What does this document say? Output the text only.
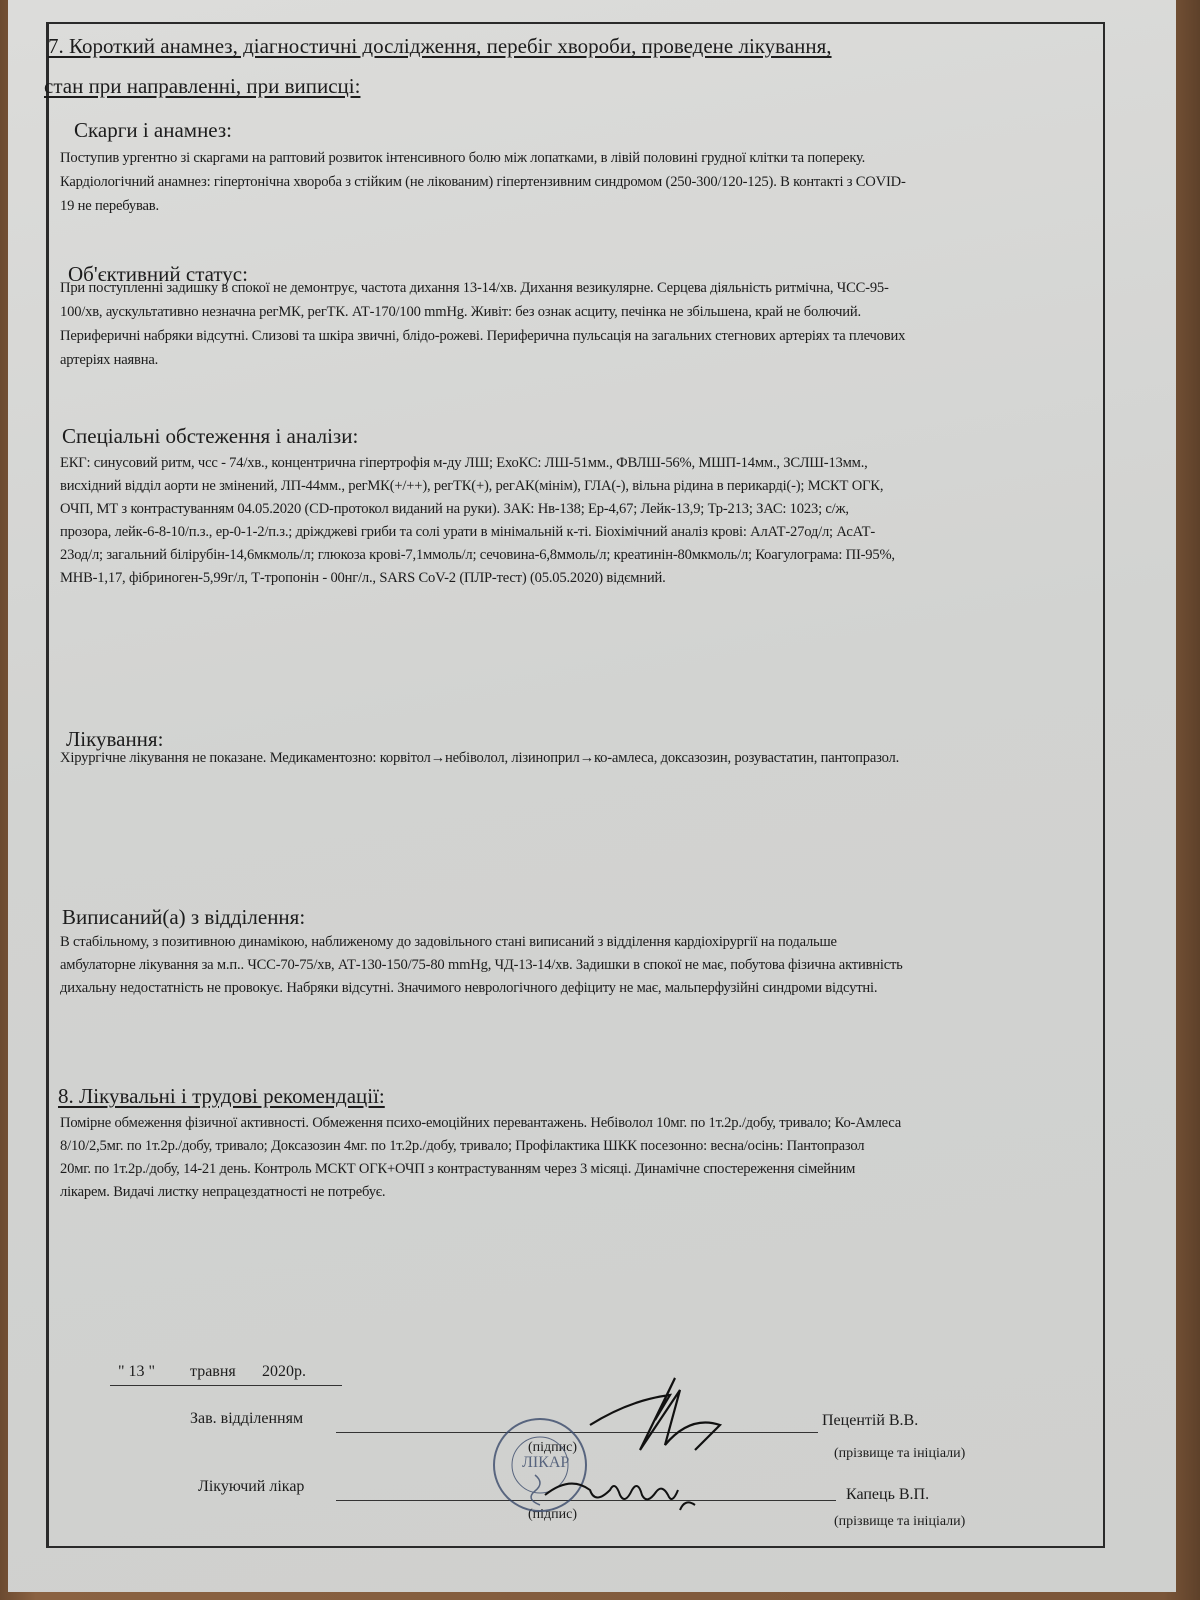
7. Короткий анамнез, діагностичні дослідження, перебіг хвороби, проведене лікування,
стан при направленні, при виписці:
Скарги і анамнез:
Поступив ургентно зі скаргами на раптовий розвиток інтенсивного болю між лопатками, в лівій половині грудної клітки та попереку.
Кардіологічний анамнез: гіпертонічна хвороба з стійким (не лікованим) гіпертензивним синдромом (250-300/120-125). В контакті з COVID-
19 не перебував.
Об'єктивний статус:
При поступленні задишку в спокої не демонтрує, частота дихання 13-14/хв. Дихання везикулярне. Серцева діяльність ритмічна, ЧСС-95-
100/хв, аускультативно незначна регМК, регТК. АТ-170/100 mmHg. Живіт: без ознак асциту, печінка не збільшена, край не болючий.
Периферичні набряки відсутні. Слизові та шкіра звичні, блідо-рожеві. Периферична пульсація на загальних стегнових артеріях та плечових
артеріях наявна.
Спеціальні обстеження і аналізи:
ЕКГ: синусовий ритм, чсс - 74/хв., концентрична гіпертрофія м-ду ЛШ; ЕхоКС: ЛШ-51мм., ФВЛШ-56%, МШП-14мм., ЗСЛШ-13мм.,
висхідний відділ аорти не змінений, ЛП-44мм., регМК(+/++), регТК(+), регАК(мінім), ГЛА(-), вільна рідина в перикарді(-); МСКТ ОГК,
ОЧП, МТ з контрастуванням 04.05.2020 (CD-протокол виданий на руки). ЗАК: Нв-138; Ер-4,67; Лейк-13,9; Тр-213; ЗАС: 1023; с/ж,
прозора, лейк-6-8-10/п.з., ер-0-1-2/п.з.; дріжджеві гриби та солі урати в мінімальній к-ті. Біохімічний аналіз крові: АлАТ-27од/л; АсАТ-
23од/л; загальний білірубін-14,6мкмоль/л; глюкоза крові-7,1ммоль/л; сечовина-6,8ммоль/л; креатинін-80мкмоль/л; Коагулограма: ПІ-95%,
МНВ-1,17, фібриноген-5,99г/л, Т-тропонін - 00нг/л., SARS CoV-2 (ПЛР-тест) (05.05.2020) відємний.
Лікування:
Хірургічне лікування не показане. Медикаментозно: корвітол→небіволол, лізиноприл→ко-амлеса, доксазозин, розувастатин, пантопразол.
Виписаний(а) з відділення:
В стабільному, з позитивною динамікою, наближеному до задовільного стані виписаний з відділення кардіохірургії на подальше
амбулаторне лікування за м.п.. ЧСС-70-75/хв, АТ-130-150/75-80 mmHg, ЧД-13-14/хв. Задишки в спокої не має, побутова фізична активність
дихальну недостатність не провокує. Набряки відсутні. Значимого неврологічного дефіциту не має, мальперфузійні синдроми відсутні.
8. Лікувальні і трудові рекомендації:
Помірне обмеження фізичної активності. Обмеження психо-емоційних перевантажень. Небіволол 10мг. по 1т.2р./добу, тривало; Ко-Амлеса
8/10/2,5мг. по 1т.2р./добу, тривало; Доксазозин 4мг. по 1т.2р./добу, тривало; Профілактика ШКК посезонно: весна/осінь: Пантопразол
20мг. по 1т.2р./добу, 14-21 день. Контроль МСКТ ОГК+ОЧП з контрастуванням через 3 місяці. Динамічне спостереження сімейним
лікарем. Видачі листку непрацездатності не потребує.
" 13 " травня 2020р.
Зав. відділенням	Пецентій В.В.
(підпис)	(прізвище та ініціали)
Лікуючий лікар	Капець В.П.
(підпис)	(прізвище та ініціали)
ЛІКАР
